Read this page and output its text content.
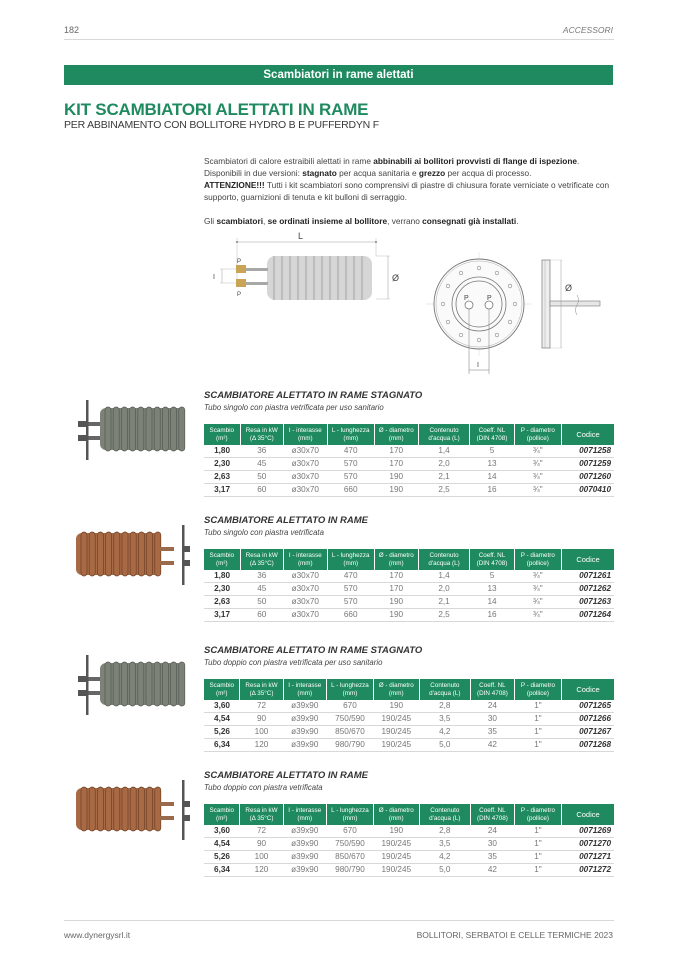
182	ACCESSORI
Scambiatori in rame alettati
KIT SCAMBIATORI ALETTATI IN RAME
PER ABBINAMENTO CON BOLLITORE HYDRO B E PUFFERDYN F

Scambiatori di calore estraibili alettati in rame abbinabili ai bollitori provvisti di flange di ispezione.

Disponibili in due versioni: stagnato per acqua sanitaria e grezzo per acqua di processo.

ATTENZIONE!!! Tutti i kit scambiatori sono comprensivi di piastre di chiusura forate verniciate o vetrificate con supporto, guarnizioni di tenuta e kit bulloni di serraggio.

Gli scambiatori, se ordinati insieme al bollitore, verrano consegnati già installati.

L
P
P
I	Ø
P	P
I
Ø
SCAMBIATORE ALETTATO IN RAME STAGNATO
Tubo singolo con piastra vetrificata per uso sanitario
Scambio (m²)	Resa in kW (Δ 35°C)	I - interasse (mm)	L - lunghezza (mm)	Ø - diametro (mm)	Contenuto d'acqua (L)	Coeff. NL (DIN 4708)	P - diametro (pollice)	Codice
1,80	36	ø30x70	470	170	1,4	5	¾"	0071258
2,30	45	ø30x70	570	170	2,0	13	¾"	0071259
2,63	50	ø30x70	570	190	2,1	14	¾"	0071260
3,17	60	ø30x70	660	190	2,5	16	¾"	0070410
SCAMBIATORE ALETTATO IN RAME
Tubo singolo con piastra vetrificata
Scambio (m²)	Resa in kW (Δ 35°C)	I - interasse (mm)	L - lunghezza (mm)	Ø - diametro (mm)	Contenuto d'acqua (L)	Coeff. NL (DIN 4708)	P - diametro (pollice)	Codice
1,80	36	ø30x70	470	170	1,4	5	¾"	0071261
2,30	45	ø30x70	570	170	2,0	13	¾"	0071262
2,63	50	ø30x70	570	190	2,1	14	¾"	0071263
3,17	60	ø30x70	660	190	2,5	16	¾"	0071264
SCAMBIATORE ALETTATO IN RAME STAGNATO
Tubo doppio con piastra vetrificata per uso sanitario
Scambio (m²)	Resa in kW (Δ 35°C)	I - interasse (mm)	L - lunghezza (mm)	Ø - diametro (mm)	Contenuto d'acqua (L)	Coeff. NL (DIN 4708)	P - diametro (pollice)	Codice
3,60	72	ø39x90	670	190	2,8	24	1"	0071265
4,54	90	ø39x90	750/590	190/245	3,5	30	1"	0071266
5,26	100	ø39x90	850/670	190/245	4,2	35	1"	0071267
6,34	120	ø39x90	980/790	190/245	5,0	42	1"	0071268
SCAMBIATORE ALETTATO IN RAME
Tubo doppio con piastra vetrificata
Scambio (m²)	Resa in kW (Δ 35°C)	I - interasse (mm)	L - lunghezza (mm)	Ø - diametro (mm)	Contenuto d'acqua (L)	Coeff. NL (DIN 4708)	P - diametro (pollice)	Codice
3,60	72	ø39x90	670	190	2,8	24	1"	0071269
4,54	90	ø39x90	750/590	190/245	3,5	30	1"	0071270
5,26	100	ø39x90	850/670	190/245	4,2	35	1"	0071271
6,34	120	ø39x90	980/790	190/245	5,0	42	1"	0071272
www.dynergysrl.it	BOLLITORI, SERBATOI E CELLE TERMICHE 2023
